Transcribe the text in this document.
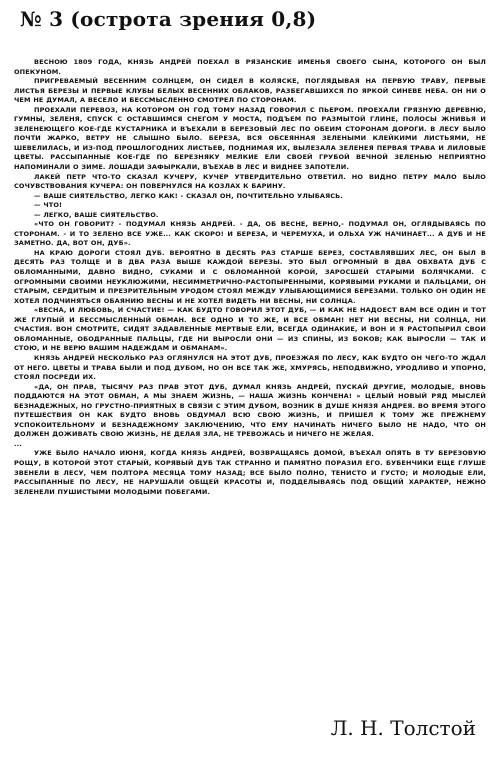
№ 3 (острота зрения 0,8)

ВЕСНОЮ 1809 ГОДА, КНЯЗЬ АНДРЕЙ ПОЕХАЛ В РЯЗАНСКИЕ ИМЕНЬЯ СВОЕГО СЫНА, КОТОРОГО ОН БЫЛ ОПЕКУНОМ.

ПРИГРЕВАЕМЫЙ ВЕСЕННИМ СОЛНЦЕМ, ОН СИДЕЛ В КОЛЯСКЕ, ПОГЛЯДЫВАЯ НА ПЕРВУЮ ТРАВУ, ПЕРВЫЕ ЛИСТЬЯ БЕРЕЗЫ И ПЕРВЫЕ КЛУБЫ БЕЛЫХ ВЕСЕННИХ ОБЛАКОВ, РАЗБЕГАВШИХСЯ ПО ЯРКОЙ СИНЕВЕ НЕБА. ОН НИ О ЧЕМ НЕ ДУМАЛ, А ВЕСЕЛО И БЕССМЫСЛЕННО СМОТРЕЛ ПО СТОРОНАМ.

ПРОЕХАЛИ ПЕРЕВОЗ, НА КОТОРОМ ОН ГОД ТОМУ НАЗАД ГОВОРИЛ С ПЬЕРОМ. ПРОЕХАЛИ ГРЯЗНУЮ ДЕРЕВНЮ, ГУМНЫ, ЗЕЛЕНЯ, СПУСК С ОСТАВШИМСЯ СНЕГОМ У МОСТА, ПОДЪЕМ ПО РАЗМЫТОЙ ГЛИНЕ, ПОЛОСЫ ЖНИВЬЯ И ЗЕЛЕНЕЮЩЕГО КОЕ-ГДЕ КУСТАРНИКА И ВЪЕХАЛИ В БЕРЕЗОВЫЙ ЛЕС ПО ОБЕИМ СТОРОНАМ ДОРОГИ. В ЛЕСУ БЫЛО ПОЧТИ ЖАРКО, ВЕТРУ НЕ СЛЫШНО БЫЛО. БЕРЕЗА, ВСЯ ОБСЕЯННАЯ ЗЕЛЕНЫМИ КЛЕЙКИМИ ЛИСТЬЯМИ, НЕ ШЕВЕЛИЛАСЬ, И ИЗ-ПОД ПРОШЛОГОДНИХ ЛИСТЬЕВ, ПОДНИМАЯ ИХ, ВЫЛЕЗАЛА ЗЕЛЕНЕЯ ПЕРВАЯ ТРАВА И ЛИЛОВЫЕ ЦВЕТЫ. РАССЫПАННЫЕ КОЕ-ГДЕ ПО БЕРЕЗНЯКУ МЕЛКИЕ ЕЛИ СВОЕЙ ГРУБОЙ ВЕЧНОЙ ЗЕЛЕНЬЮ НЕПРИЯТНО НАПОМИНАЛИ О ЗИМЕ. ЛОШАДИ ЗАФЫРКАЛИ, ВЪЕХАВ В ЛЕС И ВИДНЕЕ ЗАПОТЕЛИ.

ЛАКЕЙ ПЕТР ЧТО-ТО СКАЗАЛ КУЧЕРУ, КУЧЕР УТВЕРДИТЕЛЬНО ОТВЕТИЛ. НО ВИДНО ПЕТРУ МАЛО БЫЛО СОЧУВСТВОВАНИЯ КУЧЕРА: ОН ПОВЕРНУЛСЯ НА КОЗЛАХ К БАРИНУ.

— ВАШЕ СИЯТЕЛЬСТВО, ЛЕГКО КАК! - СКАЗАЛ ОН, ПОЧТИТЕЛЬНО УЛЫБАЯСЬ.

— ЧТО!

— ЛЕГКО, ВАШЕ СИЯТЕЛЬСТВО.

«ЧТО ОН ГОВОРИТ? - ПОДУМАЛ КНЯЗЬ АНДРЕЙ. - ДА, ОБ ВЕСНЕ, ВЕРНО,- ПОДУМАЛ ОН, ОГЛЯДЫВАЯСЬ ПО СТОРОНАМ. - И ТО ЗЕЛЕНО ВСЕ УЖЕ... КАК СКОРО! И БЕРЕЗА, И ЧЕРЕМУХА, И ОЛЬХА УЖ НАЧИНАЕТ... А ДУБ И НЕ ЗАМЕТНО. ДА, ВОТ ОН, ДУБ».

НА КРАЮ ДОРОГИ СТОЯЛ ДУБ. ВЕРОЯТНО В ДЕСЯТЬ РАЗ СТАРШЕ БЕРЕЗ, СОСТАВЛЯВШИХ ЛЕС, ОН БЫЛ В ДЕСЯТЬ РАЗ ТОЛЩЕ И В ДВА РАЗА ВЫШЕ КАЖДОЙ БЕРЕЗЫ. ЭТО БЫЛ ОГРОМНЫЙ В ДВА ОБХВАТА ДУБ С ОБЛОМАННЫМИ, ДАВНО ВИДНО, СУКАМИ И С ОБЛОМАННОЙ КОРОЙ, ЗАРОСШЕЙ СТАРЫМИ БОЛЯЧКАМИ. С ОГРОМНЫМИ СВОИМИ НЕУКЛЮЖИМИ, НЕСИММЕТРИЧНО-РАСТОПЫРЕННЫМИ, КОРЯВЫМИ РУКАМИ И ПАЛЬЦАМИ, ОН СТАРЫМ, СЕРДИТЫМ И ПРЕЗРИТЕЛЬНЫМ УРОДОМ СТОЯЛ МЕЖДУ УЛЫБАЮЩИМИСЯ БЕРЕЗАМИ. ТОЛЬКО ОН ОДИН НЕ ХОТЕЛ ПОДЧИНЯТЬСЯ ОБАЯНИЮ ВЕСНЫ И НЕ ХОТЕЛ ВИДЕТЬ НИ ВЕСНЫ, НИ СОЛНЦА.

«ВЕСНА, И ЛЮБОВЬ, И СЧАСТИЕ! — КАК БУДТО ГОВОРИЛ ЭТОТ ДУБ, — И КАК НЕ НАДОЕСТ ВАМ ВСЕ ОДИН И ТОТ ЖЕ ГЛУПЫЙ И БЕССМЫСЛЕННЫЙ ОБМАН. ВСЕ ОДНО И ТО ЖЕ, И ВСЕ ОБМАН! НЕТ НИ ВЕСНЫ, НИ СОЛНЦА, НИ СЧАСТИЯ. ВОН СМОТРИТЕ, СИДЯТ ЗАДАВЛЕННЫЕ МЕРТВЫЕ ЕЛИ, ВСЕГДА ОДИНАКИЕ, И ВОН И Я РАСТОПЫРИЛ СВОИ ОБЛОМАННЫЕ, ОБОДРАННЫЕ ПАЛЬЦЫ, ГДЕ НИ ВЫРОСЛИ ОНИ — ИЗ СПИНЫ, ИЗ БОКОВ; КАК ВЫРОСЛИ — ТАК И СТОЮ, И НЕ ВЕРЮ ВАШИМ НАДЕЖДАМ И ОБМАНАМ».

КНЯЗЬ АНДРЕЙ НЕСКОЛЬКО РАЗ ОГЛЯНУЛСЯ НА ЭТОТ ДУБ, ПРОЕЗЖАЯ ПО ЛЕСУ, КАК БУДТО ОН ЧЕГО-ТО ЖДАЛ ОТ НЕГО. ЦВЕТЫ И ТРАВА БЫЛИ И ПОД ДУБОМ, НО ОН ВСЕ ТАК ЖЕ, ХМУРЯСЬ, НЕПОДВИЖНО, УРОДЛИВО И УПОРНО, СТОЯЛ ПОСРЕДИ ИХ.

«ДА, ОН ПРАВ, ТЫСЯЧУ РАЗ ПРАВ ЭТОТ ДУБ, ДУМАЛ КНЯЗЬ АНДРЕЙ, ПУСКАЙ ДРУГИЕ, МОЛОДЫЕ, ВНОВЬ ПОДДАЮТСЯ НА ЭТОТ ОБМАН, А МЫ ЗНАЕМ ЖИЗНЬ, — НАША ЖИЗНЬ КОНЧЕНА! » ЦЕЛЫЙ НОВЫЙ РЯД МЫСЛЕЙ БЕЗНАДЕЖНЫХ, НО ГРУСТНО-ПРИЯТНЫХ В СВЯЗИ С ЭТИМ ДУБОМ, ВОЗНИК В ДУШЕ КНЯЗЯ АНДРЕЯ. ВО ВРЕМЯ ЭТОГО ПУТЕШЕСТВИЯ ОН КАК БУДТО ВНОВЬ ОБДУМАЛ ВСЮ СВОЮ ЖИЗНЬ, И ПРИШЕЛ К ТОМУ ЖЕ ПРЕЖНЕМУ УСПОКОИТЕЛЬНОМУ И БЕЗНАДЕЖНОМУ ЗАКЛЮЧЕНИЮ, ЧТО ЕМУ НАЧИНАТЬ НИЧЕГО БЫЛО НЕ НАДО, ЧТО ОН ДОЛЖЕН ДОЖИВАТЬ СВОЮ ЖИЗНЬ, НЕ ДЕЛАЯ ЗЛА, НЕ ТРЕВОЖАСЬ И НИЧЕГО НЕ ЖЕЛАЯ.

...

УЖЕ БЫЛО НАЧАЛО ИЮНЯ, КОГДА КНЯЗЬ АНДРЕЙ, ВОЗВРАЩАЯСЬ ДОМОЙ, ВЪЕХАЛ ОПЯТЬ В ТУ БЕРЕЗОВУЮ РОЩУ, В КОТОРОЙ ЭТОТ СТАРЫЙ, КОРЯВЫЙ ДУБ ТАК СТРАННО И ПАМЯТНО ПОРАЗИЛ ЕГО. БУБЕНЧИКИ ЕЩЕ ГЛУШЕ ЗВЕНЕЛИ В ЛЕСУ, ЧЕМ ПОЛТОРА МЕСЯЦА ТОМУ НАЗАД; ВСЕ БЫЛО ПОЛНО, ТЕНИСТО И ГУСТО; И МОЛОДЫЕ ЕЛИ, РАССЫПАННЫЕ ПО ЛЕСУ, НЕ НАРУШАЛИ ОБЩЕЙ КРАСОТЫ И, ПОДДЕЛЫВАЯСЬ ПОД ОБЩИЙ ХАРАКТЕР, НЕЖНО ЗЕЛЕНЕЛИ ПУШИСТЫМИ МОЛОДЫМИ ПОБЕГАМИ.

Л. Н. Толстой
